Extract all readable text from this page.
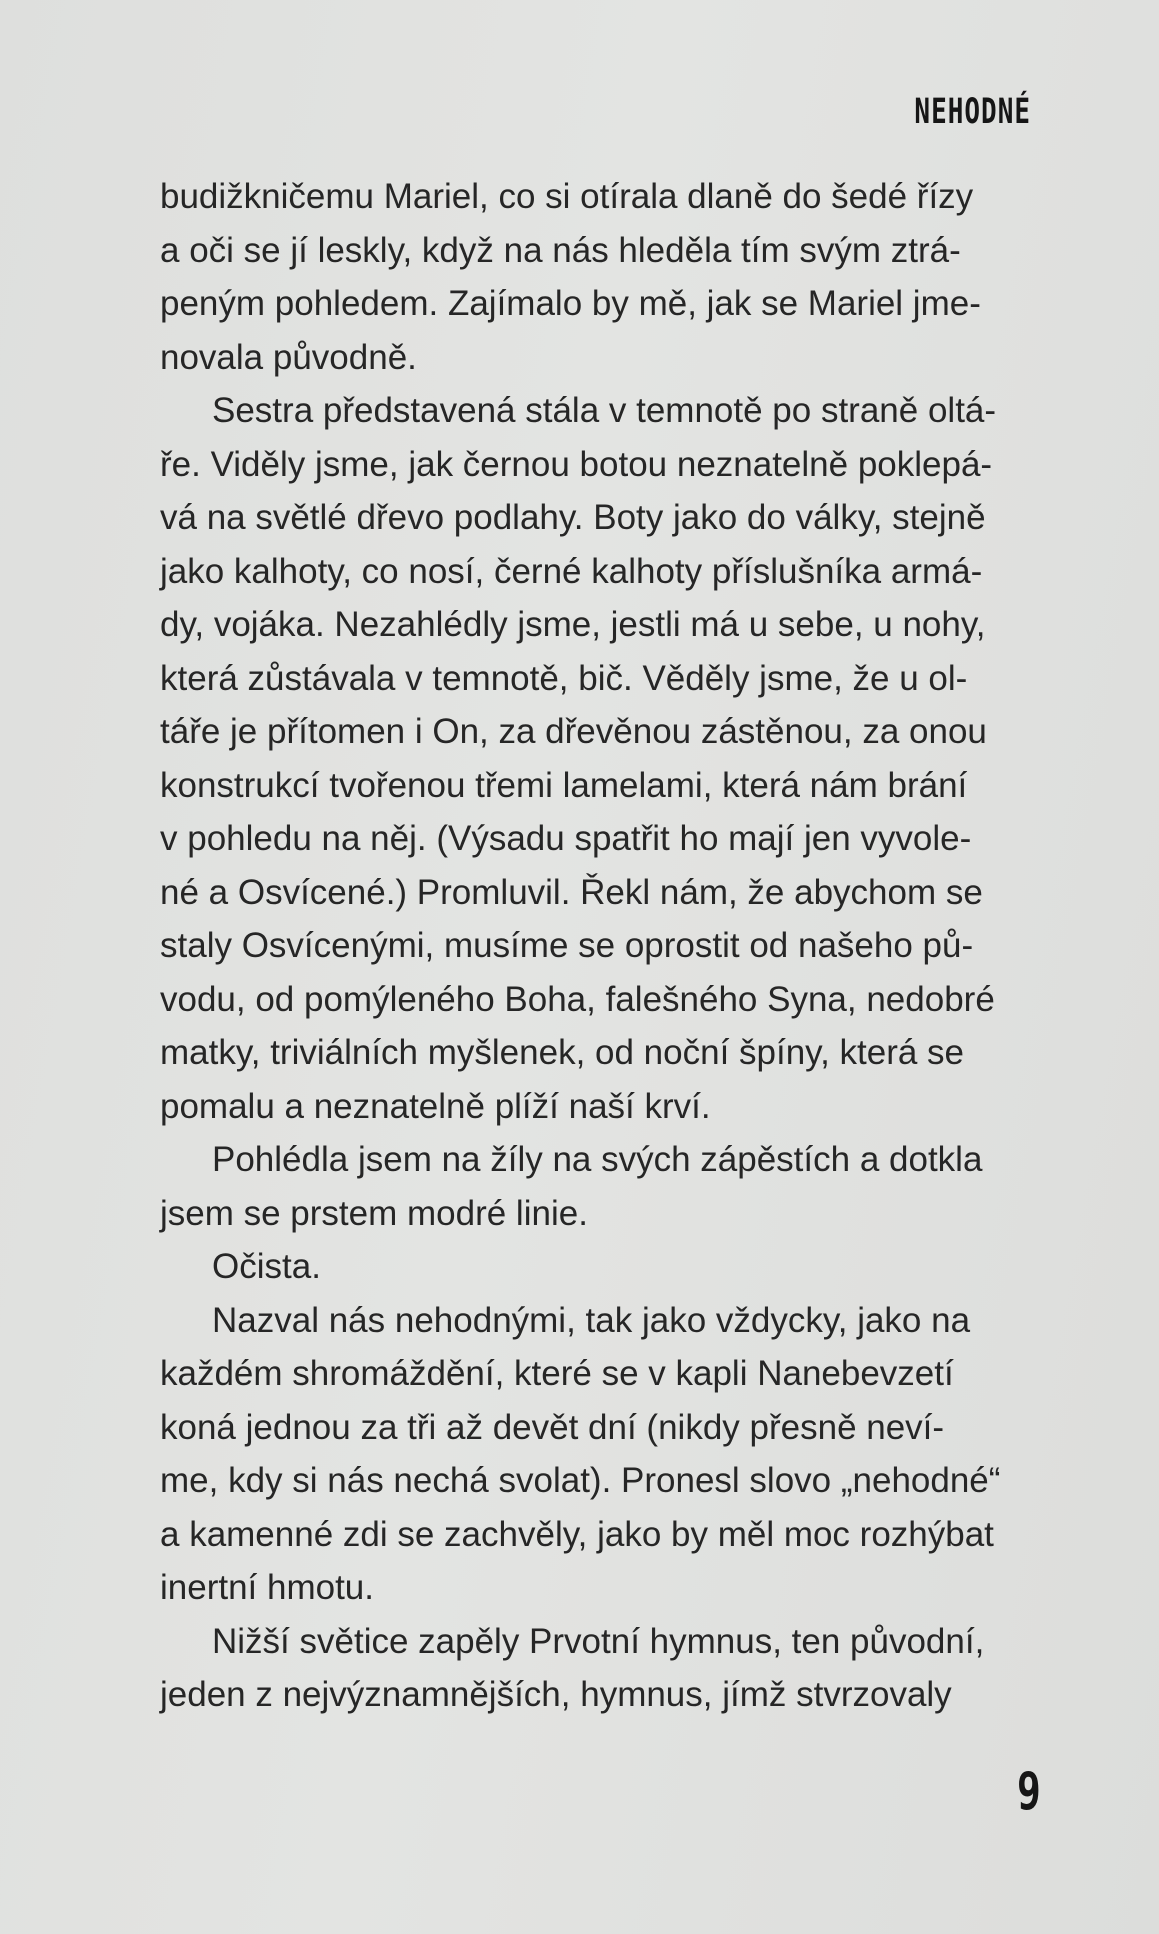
NEHODNÉ
budižkničemu Mariel, co si otírala dlaně do šedé řízy
a oči se jí leskly, když na nás hleděla tím svým ztrá-
peným pohledem. Zajímalo by mě, jak se Mariel jme-
novala původně.
Sestra představená stála v temnotě po straně oltá-
ře. Viděly jsme, jak černou botou neznatelně poklepá-
vá na světlé dřevo podlahy. Boty jako do války, stejně
jako kalhoty, co nosí, černé kalhoty příslušníka armá-
dy, vojáka. Nezahlédly jsme, jestli má u sebe, u nohy,
která zůstávala v temnotě, bič. Věděly jsme, že u ol-
táře je přítomen i On, za dřevěnou zástěnou, za onou
konstrukcí tvořenou třemi lamelami, která nám brání
v pohledu na něj. (Výsadu spatřit ho mají jen vyvole-
né a Osvícené.) Promluvil. Řekl nám, že abychom se
staly Osvícenými, musíme se oprostit od našeho pů-
vodu, od pomýleného Boha, falešného Syna, nedobré
matky, triviálních myšlenek, od noční špíny, která se
pomalu a neznatelně plíží naší krví.
Pohlédla jsem na žíly na svých zápěstích a dotkla
jsem se prstem modré linie.
Očista.
Nazval nás nehodnými, tak jako vždycky, jako na
každém shromáždění, které se v kapli Nanebevzetí
koná jednou za tři až devět dní (nikdy přesně neví-
me, kdy si nás nechá svolat). Pronesl slovo „nehodné“
a kamenné zdi se zachvěly, jako by měl moc rozhýbat
inertní hmotu.
Nižší světice zapěly Prvotní hymnus, ten původní,
jeden z nejvýznamnějších, hymnus, jímž stvrzovaly
9
